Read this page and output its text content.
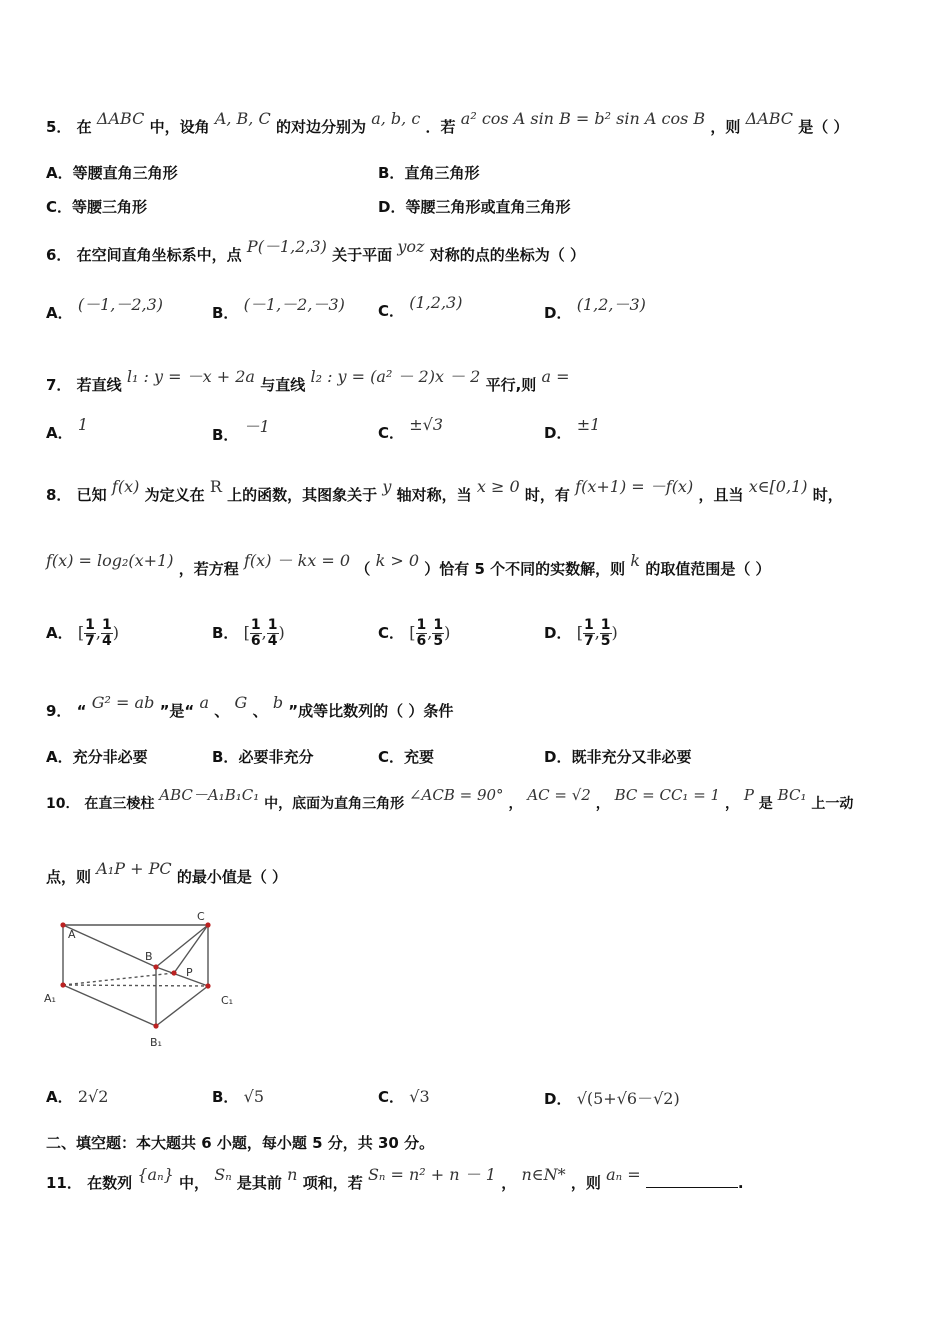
5． 在 ΔABC 中，设角 A, B, C 的对边分别为 a, b, c ．若 a² cos A sin B = b² sin A cos B ，则 ΔABC 是（ ）
A．等腰直角三角形	B．直角三角形
C．等腰三角形	D．等腰三角形或直角三角形
6． 在空间直角坐标系中，点 P(－1,2,3) 关于平面 yoz 对称的点的坐标为（ ）
A． (－1,－2,3)	B． (－1,－2,－3) C． (1,2,3)
D． (1,2,－3)
7． 若直线 l₁ : y = －x + 2a 与直线 l₂ : y = (a² － 2)x － 2 平行,则 a =
A． 1
B． －1	C． ±√3	D． ±1
8． 已知 f(x) 为定义在 R 上的函数，其图象关于 y 轴对称，当 x ≥ 0 时，有 f(x+1) = －f(x) ，且当 x∈[0,1) 时，
f(x) = log₂(x+1) ，若方程 f(x) － kx = 0 （ k > 0 ）恰有 5 个不同的实数解，则 k 的取值范围是（ ）
A． [ $\frac{1}{7}$ , $\frac{1}{4}$ )	B． [ $\frac{1}{6}$ , $\frac{1}{4}$ )	C． [ $\frac{1}{6}$ , $\frac{1}{5}$ )	D． [ $\frac{1}{7}$ , $\frac{1}{5}$ )
9． “ G² = ab ”是“ a 、 G 、 b ”成等比数列的（ ）条件
A．充分非必要	B．必要非充分	C．充要	D．既非充分又非必要
10． 在直三棱柱 ABC－A₁B₁C₁ 中，底面为直角三角形 ∠ACB = 90° ， AC = √2 ， BC = CC₁ = 1 ， P 是 BC₁ 上一动
点，则 A₁P + PC 的最小值是（ ）
A
C
B
P
A₁	C₁
B₁
A． 2√2	B． √5	C． √3	D． √(5+√6－√2)
二、填空题：本大题共 6 小题，每小题 5 分，共 30 分。
11． 在数列 {aₙ} 中， Sₙ 是其前 n 项和，若 Sₙ = n² + n － 1 ， n∈N* ，则 aₙ =	.
